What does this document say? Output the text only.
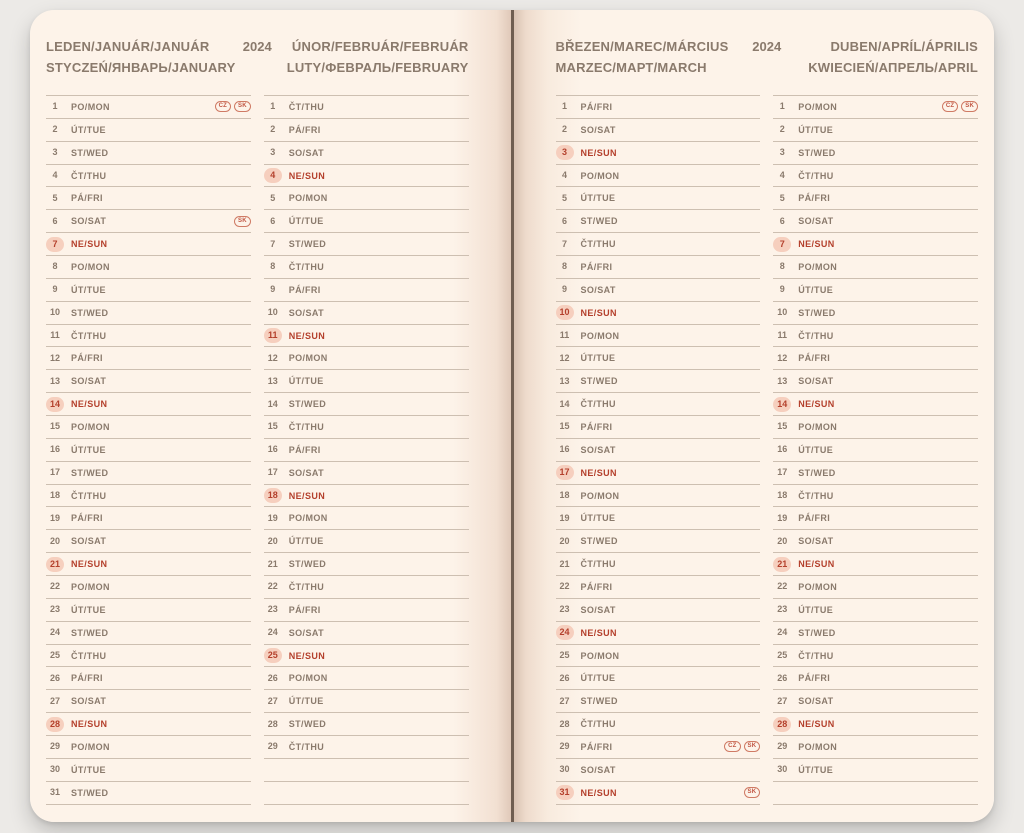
LEDEN/JANUÁR/JANUÁR
STYCZEŃ/ЯНВАРЬ/JANUARY
2024	ÚNOR/FEBRUÁR/FEBRUÁR
LUTY/ФЕВРАЛЬ/FEBRUARY
1	PO/MON	CZ	SK
2	ÚT/TUE
3	ST/WED
4	ČT/THU
5	PÁ/FRI
6	SO/SAT	SK
7	NE/SUN
8	PO/MON
9	ÚT/TUE
10	ST/WED
11	ČT/THU
12	PÁ/FRI
13	SO/SAT
14	NE/SUN
15	PO/MON
16	ÚT/TUE
17	ST/WED
18	ČT/THU
19	PÁ/FRI
20	SO/SAT
21	NE/SUN
22	PO/MON
23	ÚT/TUE
24	ST/WED
25	ČT/THU
26	PÁ/FRI
27	SO/SAT
28	NE/SUN
29	PO/MON
30	ÚT/TUE
31	ST/WED
1	ČT/THU
2	PÁ/FRI
3	SO/SAT
4	NE/SUN
5	PO/MON
6	ÚT/TUE
7	ST/WED
8	ČT/THU
9	PÁ/FRI
10	SO/SAT
11	NE/SUN
12	PO/MON
13	ÚT/TUE
14	ST/WED
15	ČT/THU
16	PÁ/FRI
17	SO/SAT
18	NE/SUN
19	PO/MON
20	ÚT/TUE
21	ST/WED
22	ČT/THU
23	PÁ/FRI
24	SO/SAT
25	NE/SUN
26	PO/MON
27	ÚT/TUE
28	ST/WED
29	ČT/THU
BŘEZEN/MAREC/MÁRCIUS
MARZEC/МАРТ/MARCH
2024	DUBEN/APRÍL/ÁPRILIS
KWIECIEŃ/АПРЕЛЬ/APRIL
1	PÁ/FRI
2	SO/SAT
3	NE/SUN
4	PO/MON
5	ÚT/TUE
6	ST/WED
7	ČT/THU
8	PÁ/FRI
9	SO/SAT
10	NE/SUN
11	PO/MON
12	ÚT/TUE
13	ST/WED
14	ČT/THU
15	PÁ/FRI
16	SO/SAT
17	NE/SUN
18	PO/MON
19	ÚT/TUE
20	ST/WED
21	ČT/THU
22	PÁ/FRI
23	SO/SAT
24	NE/SUN
25	PO/MON
26	ÚT/TUE
27	ST/WED
28	ČT/THU
29	PÁ/FRI	CZ	SK
30	SO/SAT
31	NE/SUN	SK
1	PO/MON	CZ	SK
2	ÚT/TUE
3	ST/WED
4	ČT/THU
5	PÁ/FRI
6	SO/SAT
7	NE/SUN
8	PO/MON
9	ÚT/TUE
10	ST/WED
11	ČT/THU
12	PÁ/FRI
13	SO/SAT
14	NE/SUN
15	PO/MON
16	ÚT/TUE
17	ST/WED
18	ČT/THU
19	PÁ/FRI
20	SO/SAT
21	NE/SUN
22	PO/MON
23	ÚT/TUE
24	ST/WED
25	ČT/THU
26	PÁ/FRI
27	SO/SAT
28	NE/SUN
29	PO/MON
30	ÚT/TUE
